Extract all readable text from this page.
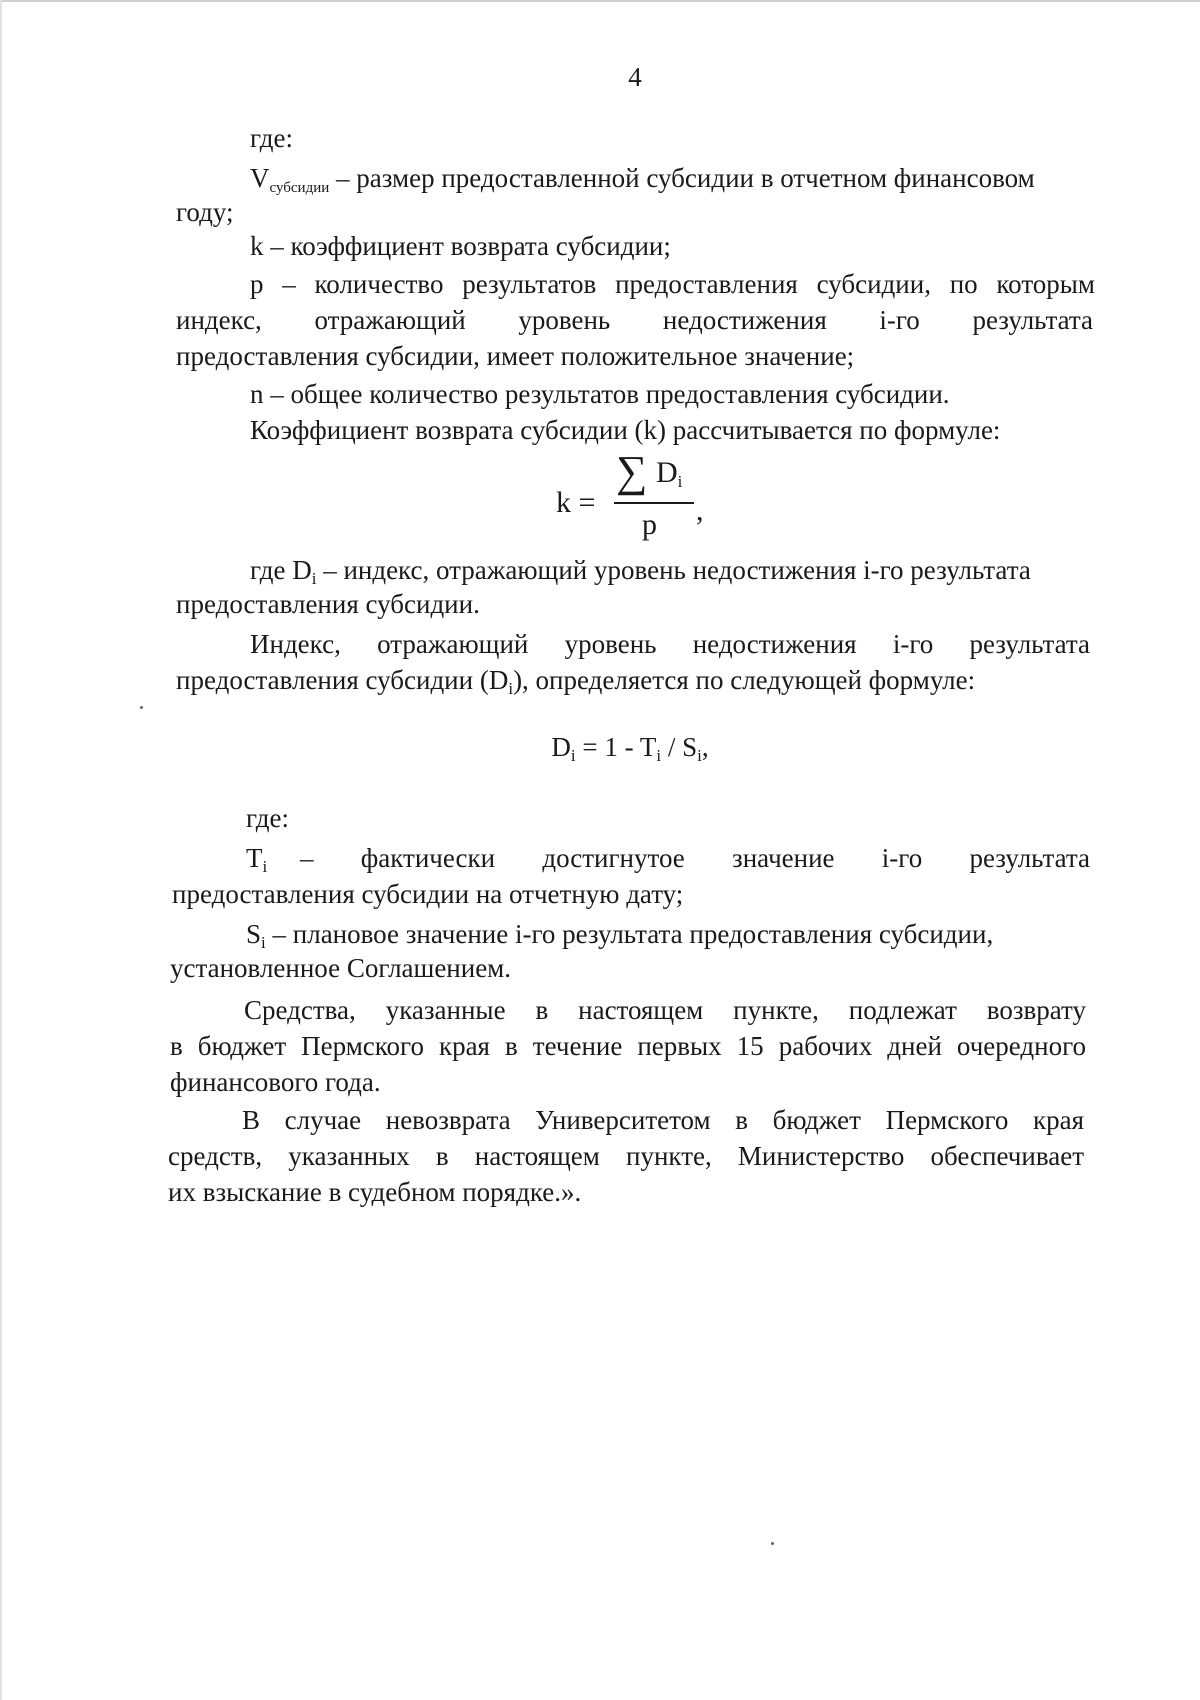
4
где:
$V_{субсидии}$ – размер предоставленной субсидии в отчетном финансовом
году;
k – коэффициент возврата субсидии;
p – количество результатов предоставления субсидии, по которым
индекс, отражающий уровень недостижения i-го результата
предоставления субсидии, имеет положительное значение;
n – общее количество результатов предоставления субсидии.
Коэффициент возврата субсидии (k) рассчитывается по формуле:
k =
∑ $D_i$
p ,
где $D_i$ – индекс, отражающий уровень недостижения i-го результата
предоставления субсидии.
Индекс, отражающий уровень недостижения i-го результата
предоставления субсидии $(D_i)$, определяется по следующей формуле:
$D_i = 1 - T_i / S_i$,
где:
$T_i$ – фактически достигнутое значение i-го результата
предоставления субсидии на отчетную дату;
$S_i$ – плановое значение i-го результата предоставления субсидии,
установленное Соглашением.
Средства, указанные в настоящем пункте, подлежат возврату
в бюджет Пермского края в течение первых 15 рабочих дней очередного
финансового года.
В случае невозврата Университетом в бюджет Пермского края
средств, указанных в настоящем пункте, Министерство обеспечивает
их взыскание в судебном порядке.».
